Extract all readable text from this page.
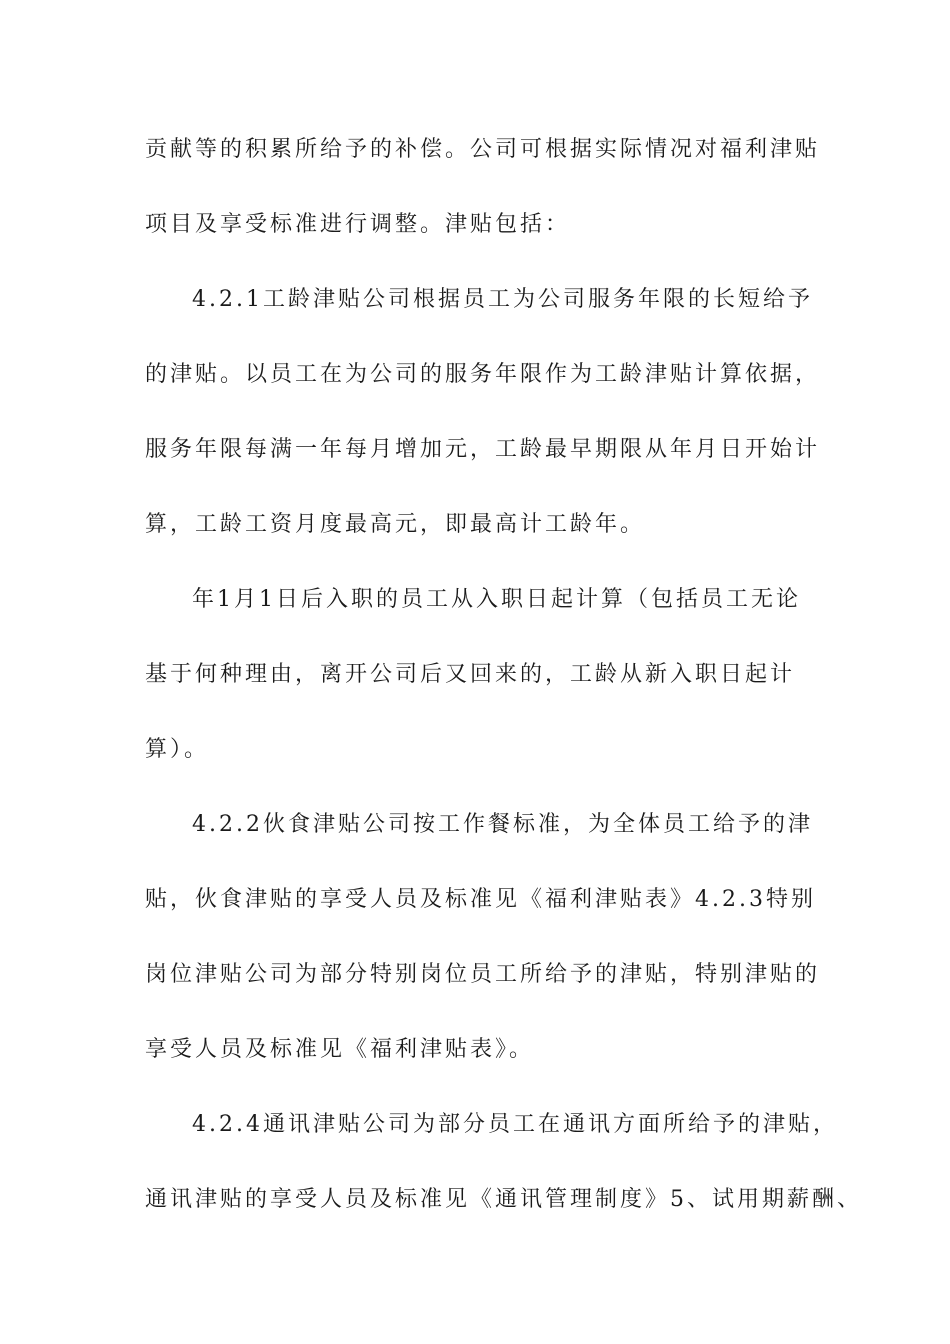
贡献等的积累所给予的补偿。公司可根据实际情况对福利津贴
项目及享受标准进行调整。津贴包括：
4.2.1工龄津贴公司根据员工为公司服务年限的长短给予
的津贴。以员工在为公司的服务年限作为工龄津贴计算依据，
服务年限每满一年每月增加元，工龄最早期限从年月日开始计
算，工龄工资月度最高元，即最高计工龄年。
年1月1日后入职的员工从入职日起计算（包括员工无论
基于何种理由，离开公司后又回来的，工龄从新入职日起计
算）。
4.2.2伙食津贴公司按工作餐标准，为全体员工给予的津
贴，伙食津贴的享受人员及标准见《福利津贴表》4.2.3特别
岗位津贴公司为部分特别岗位员工所给予的津贴，特别津贴的
享受人员及标准见《福利津贴表》。
4.2.4通讯津贴公司为部分员工在通讯方面所给予的津贴，
通讯津贴的享受人员及标准见《通讯管理制度》5、试用期薪酬、
